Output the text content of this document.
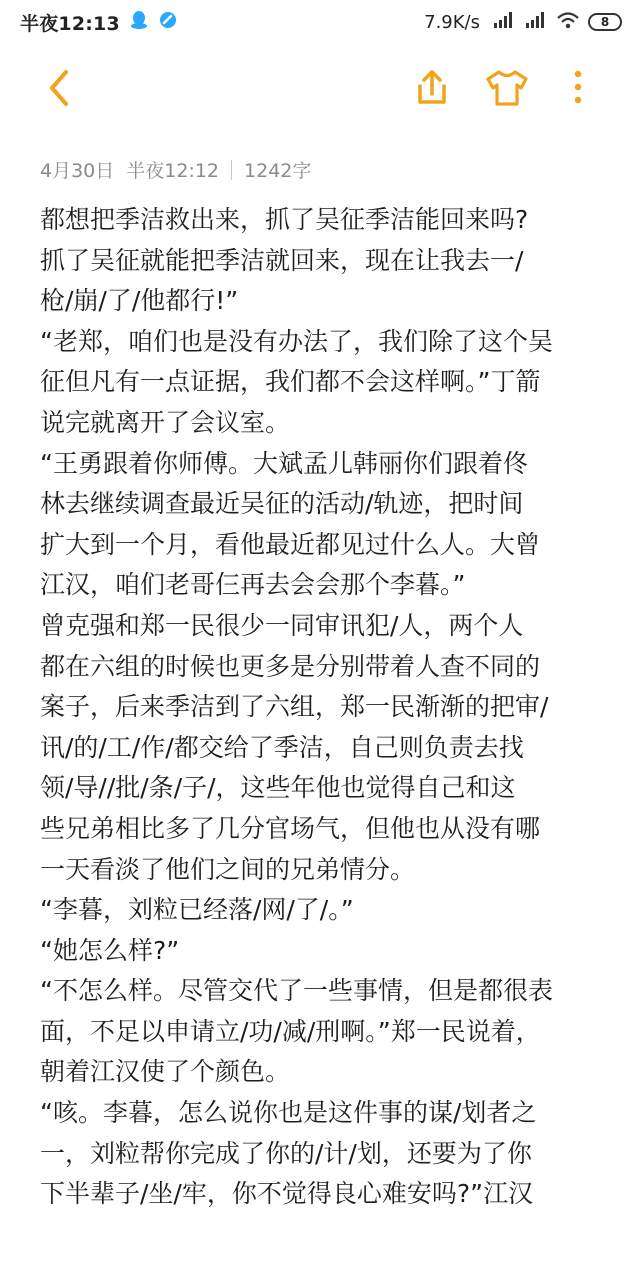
半夜12:13	7.9K/s	8
4月30日 半夜12:12 1242字
都想把季洁救出来，抓了吴征季洁能回来吗?
抓了吴征就能把季洁就回来，现在让我去一/
枪/崩/了/他都行!”
“老郑，咱们也是没有办法了，我们除了这个吴
征但凡有一点证据，我们都不会这样啊。”丁箭
说完就离开了会议室。
“王勇跟着你师傅。大斌孟儿韩丽你们跟着佟
林去继续调查最近吴征的活动/轨迹，把时间
扩大到一个月，看他最近都见过什么人。大曾
江汉，咱们老哥仨再去会会那个李暮。”
曾克强和郑一民很少一同审讯犯/人，两个人
都在六组的时候也更多是分别带着人查不同的
案子，后来季洁到了六组，郑一民渐渐的把审/
讯/的/工/作/都交给了季洁，自己则负责去找
领/导//批/条/子/，这些年他也觉得自己和这
些兄弟相比多了几分官场气，但他也从没有哪
一天看淡了他们之间的兄弟情分。
“李暮，刘粒已经落/网/了/。”
“她怎么样?”
“不怎么样。尽管交代了一些事情，但是都很表
面，不足以申请立/功/减/刑啊。”郑一民说着，
朝着江汉使了个颜色。
“咳。李暮，怎么说你也是这件事的谋/划者之
一，刘粒帮你完成了你的/计/划，还要为了你
下半辈子/坐/牢，你不觉得良心难安吗?”江汉
